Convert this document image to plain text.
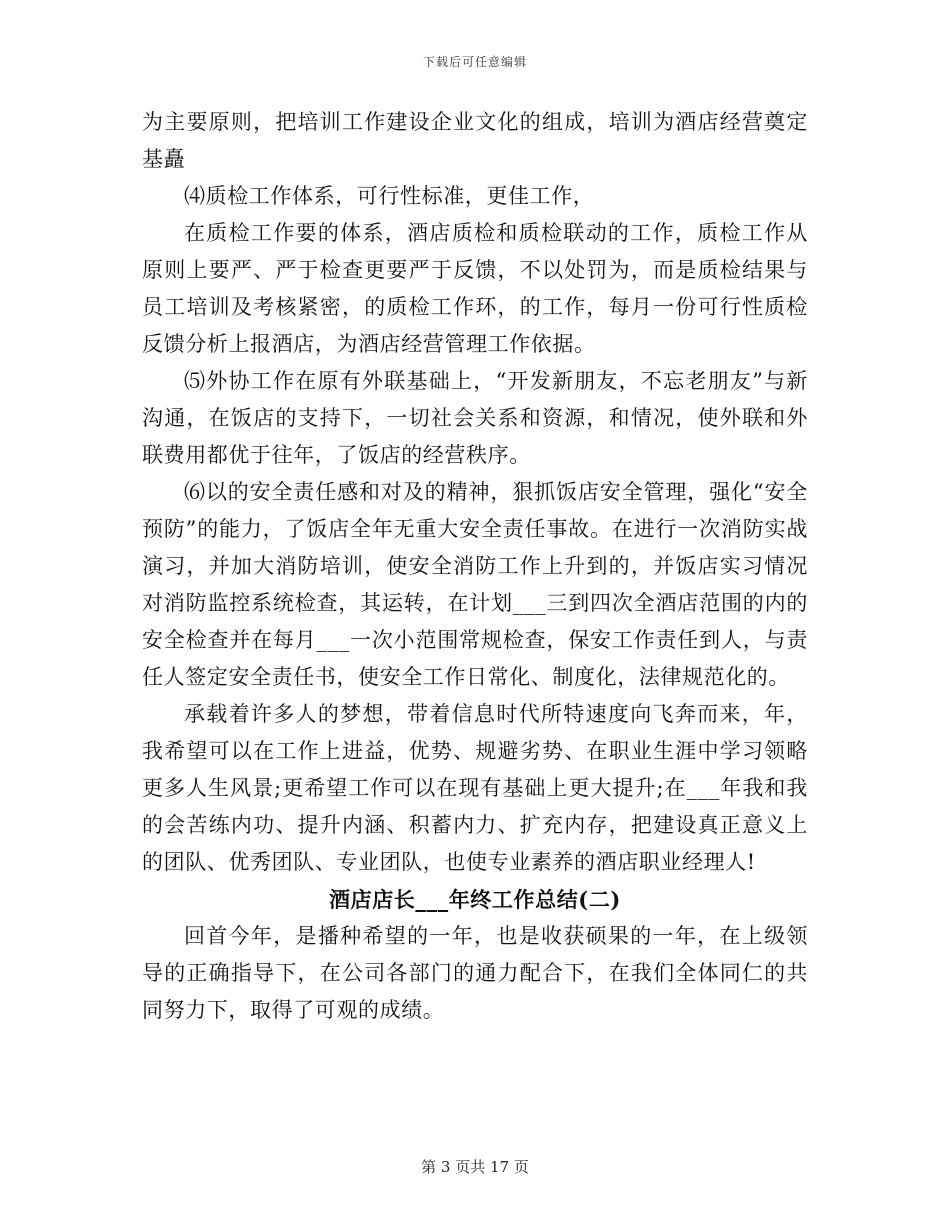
下载后可任意编辑

为主要原则，把培训工作建设企业文化的组成，培训为酒店经营奠定基矗

⑷质检工作体系，可行性标准，更佳工作，

在质检工作要的体系，酒店质检和质检联动的工作，质检工作从原则上要严、严于检查更要严于反馈，不以处罚为，而是质检结果与员工培训及考核紧密，的质检工作环，的工作，每月一份可行性质检反馈分析上报酒店，为酒店经营管理工作依据。

⑸外协工作在原有外联基础上，“开发新朋友，不忘老朋友”与新沟通，在饭店的支持下，一切社会关系和资源，和情况，使外联和外联费用都优于往年，了饭店的经营秩序。

⑹以的安全责任感和对及的精神，狠抓饭店安全管理，强化“安全预防”的能力，了饭店全年无重大安全责任事故。在进行一次消防实战演习，并加大消防培训，使安全消防工作上升到的，并饭店实习情况对消防监控系统检查，其运转，在计划___三到四次全酒店范围的内的安全检查并在每月___一次小范围常规检查，保安工作责任到人，与责任人签定安全责任书，使安全工作日常化、制度化，法律规范化的。

承载着许多人的梦想，带着信息时代所特速度向飞奔而来，年，我希望可以在工作上进益，优势、规避劣势、在职业生涯中学习领略更多人生风景;更希望工作可以在现有基础上更大提升;在___年我和我的会苦练内功、提升内涵、积蓄内力、扩充内存，把建设真正意义上的团队、优秀团队、专业团队，也使专业素养的酒店职业经理人!

酒店店长___年终工作总结(二)

回首今年，是播种希望的一年，也是收获硕果的一年，在上级领导的正确指导下，在公司各部门的通力配合下，在我们全体同仁的共同努力下，取得了可观的成绩。

第 3 页共 17 页
